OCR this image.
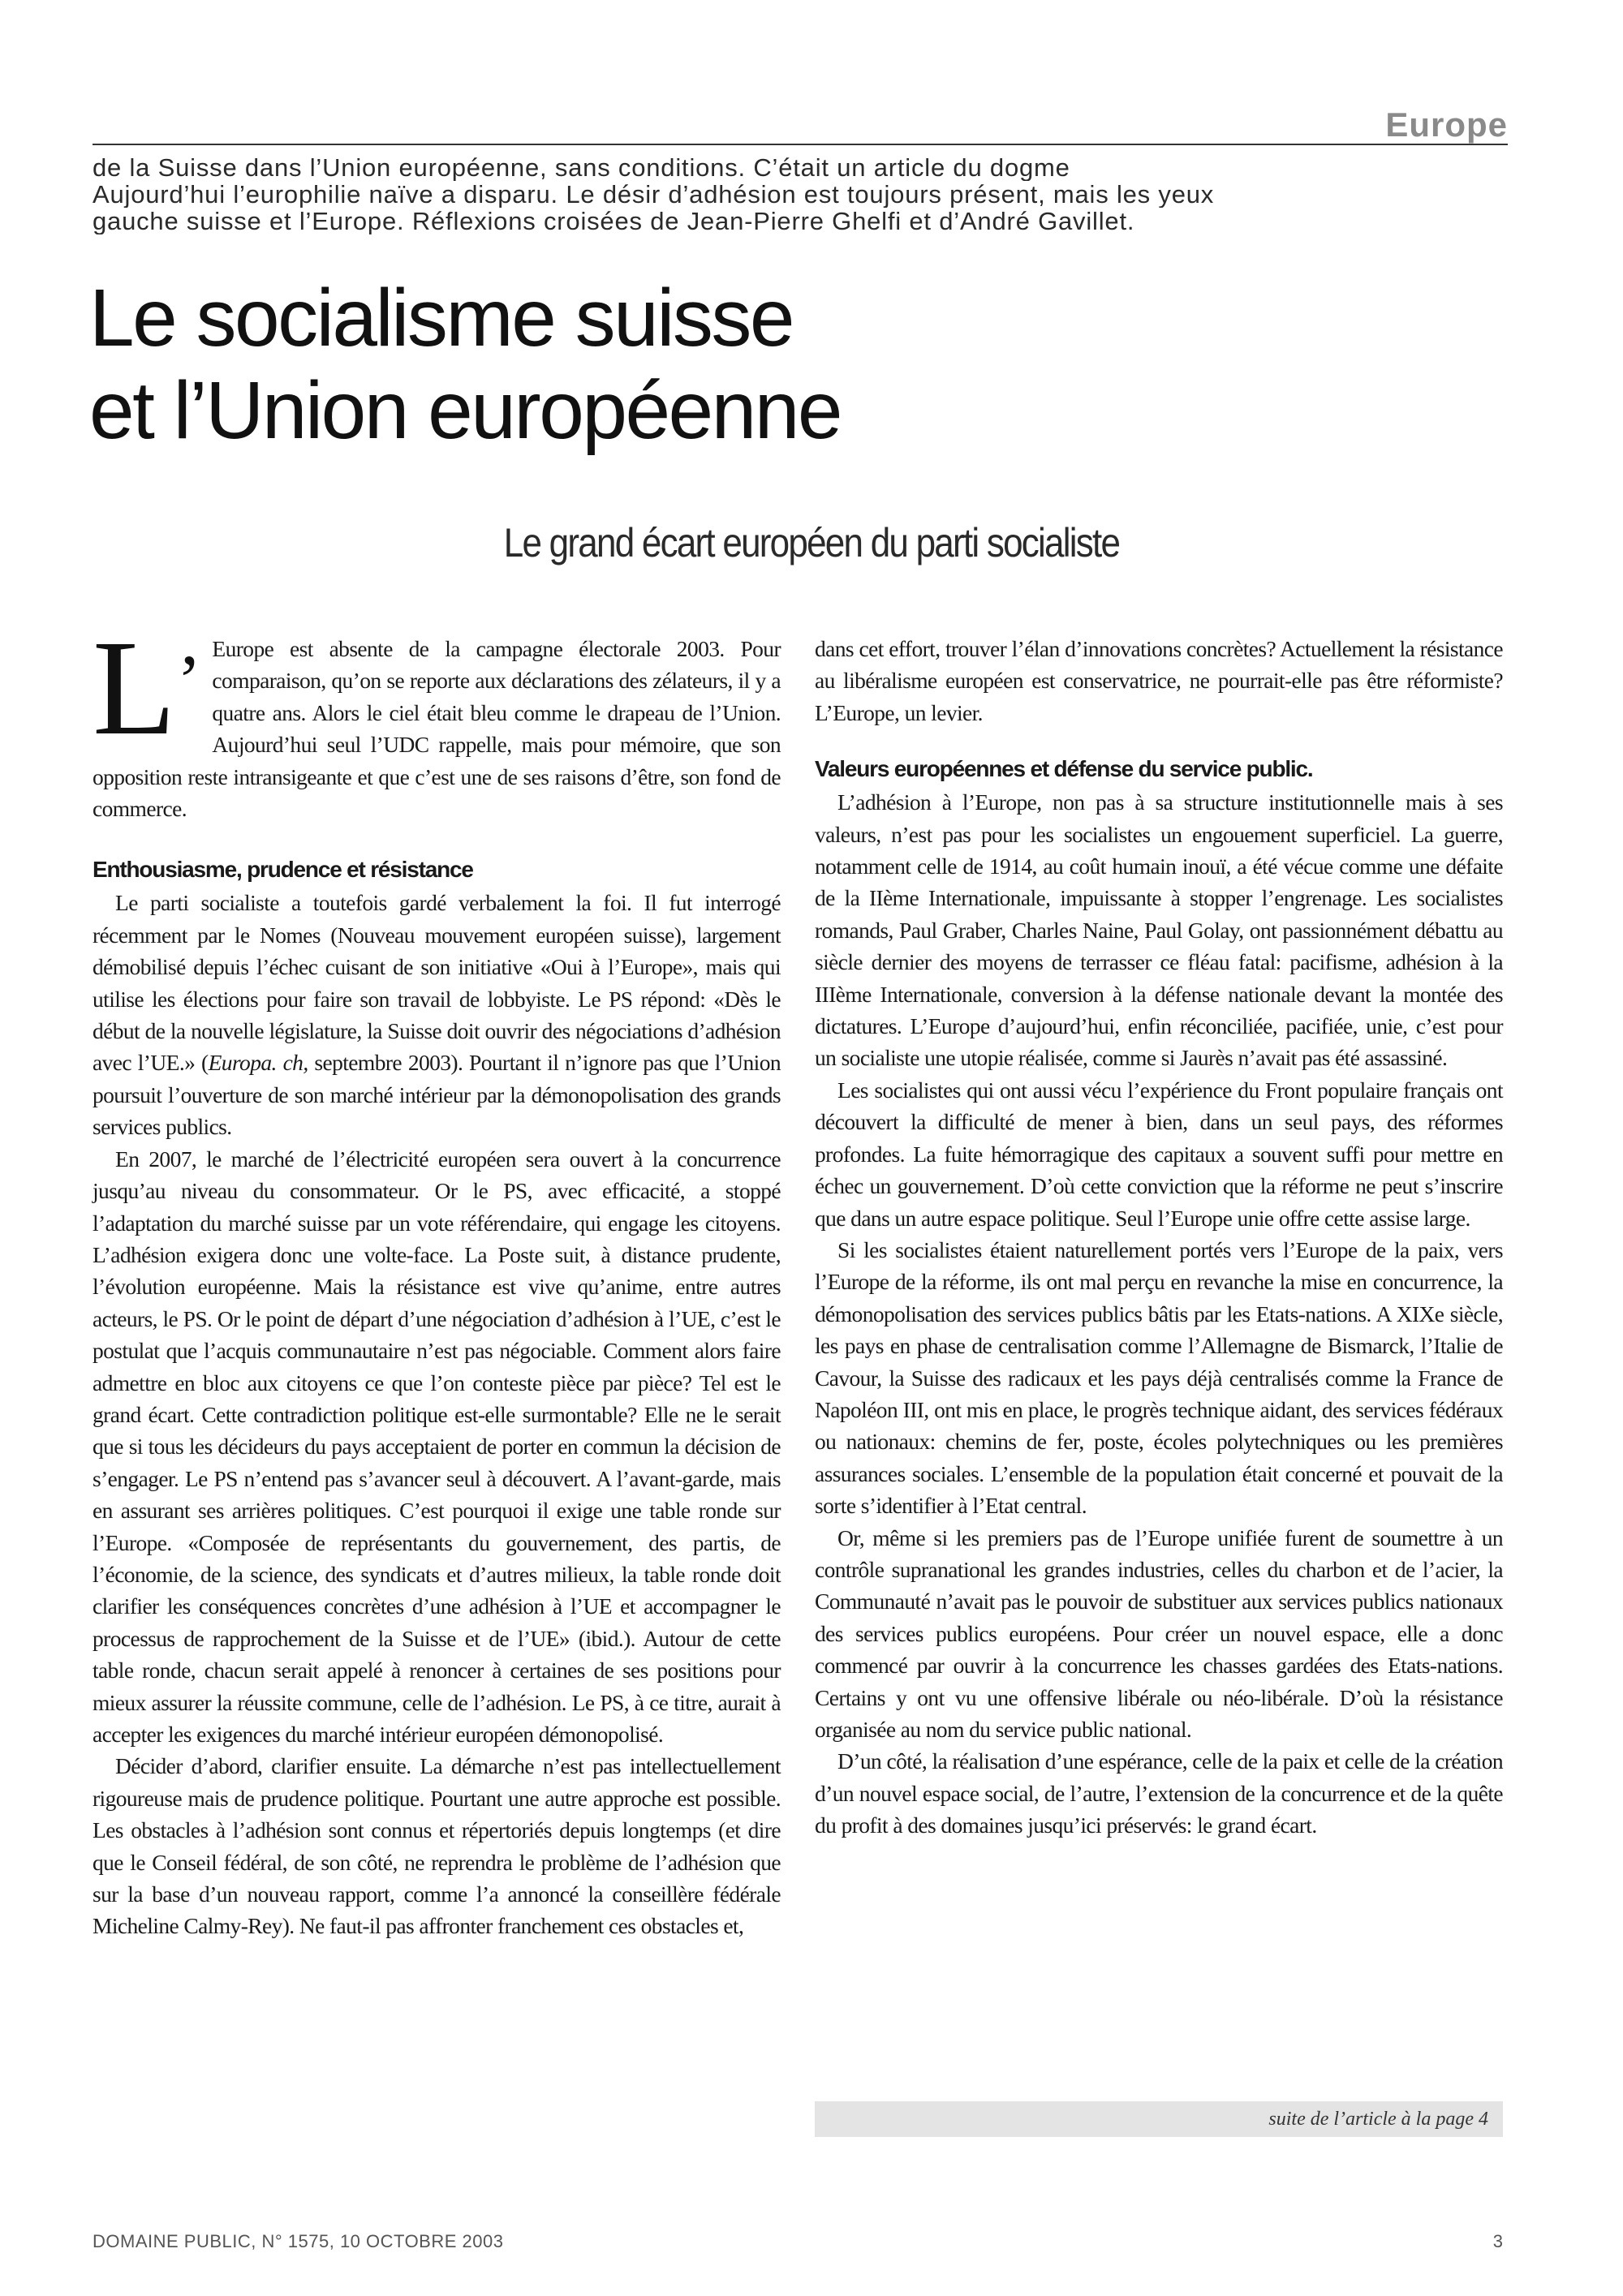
Europe
de la Suisse dans l’Union européenne, sans conditions. C’était un article du dogme
Aujourd’hui l’europhilie naïve a disparu. Le désir d’adhésion est toujours présent, mais les yeux
gauche suisse et l’Europe. Réflexions croisées de Jean-Pierre Ghelfi et d’André Gavillet.
Le socialisme suisse
et l’Union européenne
Le grand écart européen du parti socialiste

L’ Europe est absente de la campagne électorale 2003. Pour comparaison, qu’on se reporte aux déclarations des zélateurs, il y a quatre ans. Alors le ciel était bleu comme le drapeau de l’Union. Aujourd’hui seul l’UDC rappelle, mais pour mémoire, que son opposition reste intransigeante et que c’est une de ses raisons d’être, son fond de commerce.

Enthousiasme, prudence et résistance

Le parti socialiste a toutefois gardé verbalement la foi. Il fut interrogé récemment par le Nomes (Nouveau mouvement européen suisse), largement démobilisé depuis l’échec cuisant de son initiative «Oui à l’Europe», mais qui utilise les élections pour faire son travail de lobbyiste. Le PS répond: «Dès le début de la nouvelle législature, la Suisse doit ouvrir des négociations d’adhésion avec l’UE.» (Europa. ch, septembre 2003). Pourtant il n’ignore pas que l’Union poursuit l’ouverture de son marché intérieur par la démonopolisation des grands services publics.

En 2007, le marché de l’électricité européen sera ouvert à la concurrence jusqu’au niveau du consommateur. Or le PS, avec efficacité, a stoppé l’adaptation du marché suisse par un vote référendaire, qui engage les citoyens. L’adhésion exigera donc une volte-face. La Poste suit, à distance prudente, l’évolution européenne. Mais la résistance est vive qu’anime, entre autres acteurs, le PS. Or le point de départ d’une négociation d’adhésion à l’UE, c’est le postulat que l’acquis communautaire n’est pas négociable. Comment alors faire admettre en bloc aux citoyens ce que l’on conteste pièce par pièce? Tel est le grand écart. Cette contradiction politique est-elle surmontable? Elle ne le serait que si tous les décideurs du pays acceptaient de porter en commun la décision de s’engager. Le PS n’entend pas s’avancer seul à découvert. A l’avant-garde, mais en assurant ses arrières politiques. C’est pourquoi il exige une table ronde sur l’Europe. «Composée de représentants du gouvernement, des partis, de l’économie, de la science, des syndicats et d’autres milieux, la table ronde doit clarifier les conséquences concrètes d’une adhésion à l’UE et accompagner le processus de rapprochement de la Suisse et de l’UE» (ibid.). Autour de cette table ronde, chacun serait appelé à renoncer à certaines de ses positions pour mieux assurer la réussite commune, celle de l’adhésion. Le PS, à ce titre, aurait à accepter les exigences du marché intérieur européen démonopolisé.

Décider d’abord, clarifier ensuite. La démarche n’est pas intellectuellement rigoureuse mais de prudence politique. Pourtant une autre approche est possible. Les obstacles à l’adhésion sont connus et répertoriés depuis longtemps (et dire que le Conseil fédéral, de son côté, ne reprendra le problème de l’adhésion que sur la base d’un nouveau rapport, comme l’a annoncé la conseillère fédérale Micheline Calmy-Rey). Ne faut-il pas affronter franchement ces obstacles et,

dans cet effort, trouver l’élan d’innovations concrètes? Actuellement la résistance au libéralisme européen est conservatrice, ne pourrait-elle pas être réformiste? L’Europe, un levier.

Valeurs européennes et défense du service public.

L’adhésion à l’Europe, non pas à sa structure institutionnelle mais à ses valeurs, n’est pas pour les socialistes un engouement superficiel. La guerre, notamment celle de 1914, au coût humain inouï, a été vécue comme une défaite de la IIème Internationale, impuissante à stopper l’engrenage. Les socialistes romands, Paul Graber, Charles Naine, Paul Golay, ont passionnément débattu au siècle dernier des moyens de terrasser ce fléau fatal: pacifisme, adhésion à la IIIème Internationale, conversion à la défense nationale devant la montée des dictatures. L’Europe d’aujourd’hui, enfin réconciliée, pacifiée, unie, c’est pour un socialiste une utopie réalisée, comme si Jaurès n’avait pas été assassiné.

Les socialistes qui ont aussi vécu l’expérience du Front populaire français ont découvert la difficulté de mener à bien, dans un seul pays, des réformes profondes. La fuite hémorragique des capitaux a souvent suffi pour mettre en échec un gouvernement. D’où cette conviction que la réforme ne peut s’inscrire que dans un autre espace politique. Seul l’Europe unie offre cette assise large.

Si les socialistes étaient naturellement portés vers l’Europe de la paix, vers l’Europe de la réforme, ils ont mal perçu en revanche la mise en concurrence, la démonopolisation des services publics bâtis par les Etats-nations. A XIXe siècle, les pays en phase de centralisation comme l’Allemagne de Bismarck, l’Italie de Cavour, la Suisse des radicaux et les pays déjà centralisés comme la France de Napoléon III, ont mis en place, le progrès technique aidant, des services fédéraux ou nationaux: chemins de fer, poste, écoles polytechniques ou les premières assurances sociales. L’ensemble de la population était concerné et pouvait de la sorte s’identifier à l’Etat central.

Or, même si les premiers pas de l’Europe unifiée furent de soumettre à un contrôle supranational les grandes industries, celles du charbon et de l’acier, la Communauté n’avait pas le pouvoir de substituer aux services publics nationaux des services publics européens. Pour créer un nouvel espace, elle a donc commencé par ouvrir à la concurrence les chasses gardées des Etats-nations. Certains y ont vu une offensive libérale ou néo-libérale. D’où la résistance organisée au nom du service public national.

D’un côté, la réalisation d’une espérance, celle de la paix et celle de la création d’un nouvel espace social, de l’autre, l’extension de la concurrence et de la quête du profit à des domaines jusqu’ici préservés: le grand écart.

suite de l’article à la page 4
DOMAINE PUBLIC, N° 1575, 10 OCTOBRE 2003	3
